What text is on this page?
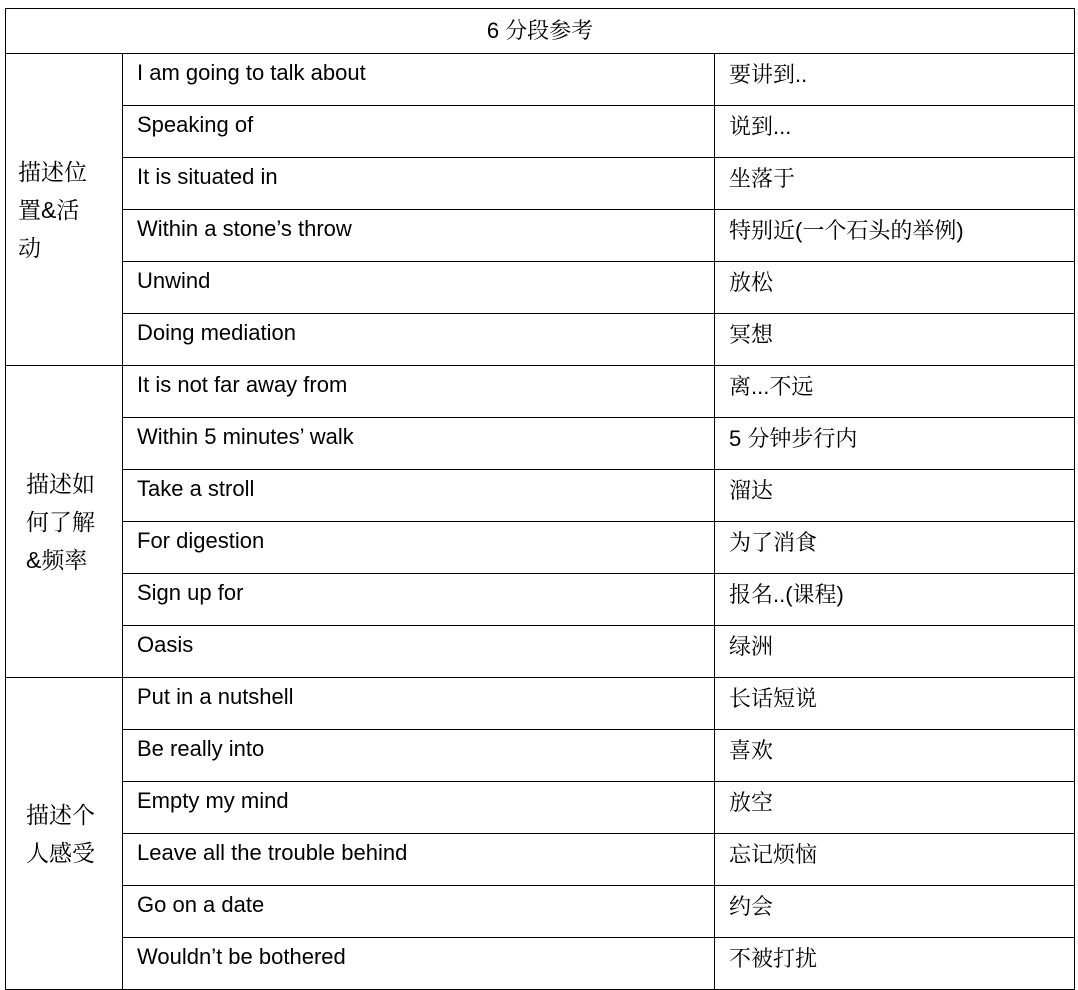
6 分段参考		

描述位
置&活
动	I am going to talk about	要讲到..
	Speaking of	说到...
	It is situated in	坐落于
	Within a stone’s throw	特别近(一个石头的举例)
	Unwind	放松
	Doing mediation	冥想

描述如
何了解
&频率	It is not far away from	离...不远
	Within 5 minutes’ walk	5 分钟步行内
	Take a stroll	溜达
	For digestion	为了消食
	Sign up for	报名..(课程)
	Oasis	绿洲

描述个
人感受	Put in a nutshell	长话短说
	Be really into	喜欢
	Empty my mind	放空
	Leave all the trouble behind	忘记烦恼
	Go on a date	约会
	Wouldn’t be bothered	不被打扰
